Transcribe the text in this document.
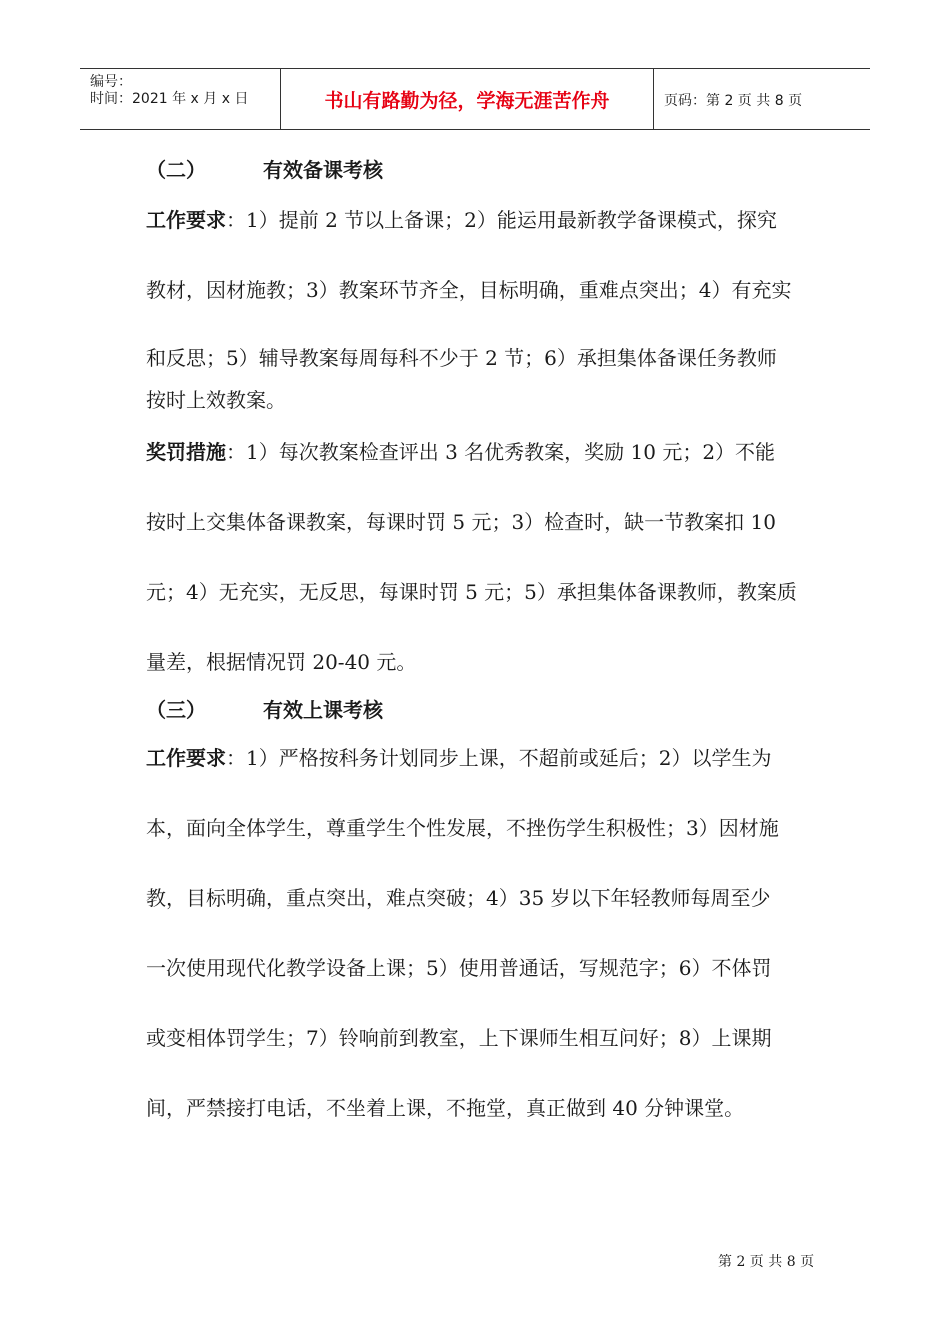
编号：
时间：2021 年 x 月 x 日	书山有路勤为径，学海无涯苦作舟	页码：第 2 页 共 8 页
（二）	有效备课考核
工作要求：1）提前 2 节以上备课；2）能运用最新教学备课模式，探究
教材，因材施教；3）教案环节齐全，目标明确，重难点突出；4）有充实
和反思；5）辅导教案每周每科不少于 2 节；6）承担集体备课任务教师
按时上效教案。
奖罚措施：1）每次教案检查评出 3 名优秀教案，奖励 10 元；2）不能
按时上交集体备课教案，每课时罚 5 元；3）检查时，缺一节教案扣 10
元；4）无充实，无反思，每课时罚 5 元；5）承担集体备课教师，教案质
量差，根据情况罚 20-40 元。
（三）	有效上课考核
工作要求：1）严格按科务计划同步上课，不超前或延后；2）以学生为
本，面向全体学生，尊重学生个性发展，不挫伤学生积极性；3）因材施
教，目标明确，重点突出，难点突破；4）35 岁以下年轻教师每周至少
一次使用现代化教学设备上课；5）使用普通话，写规范字；6）不体罚
或变相体罚学生；7）铃响前到教室，上下课师生相互问好；8）上课期
间，严禁接打电话，不坐着上课，不拖堂，真正做到 40 分钟课堂。
第 2 页 共 8 页
